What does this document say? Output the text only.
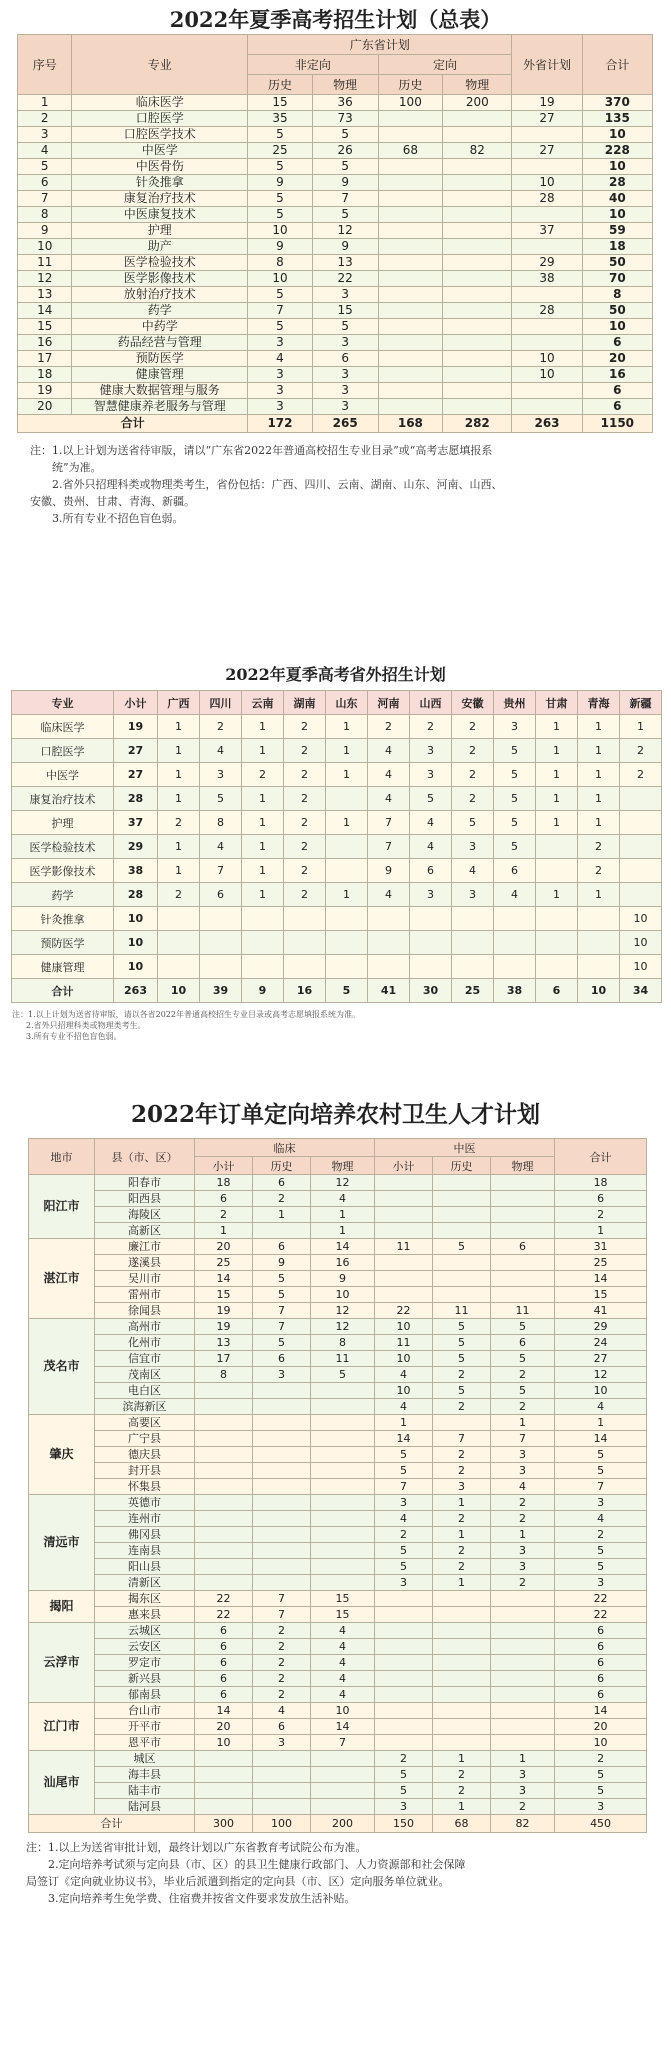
2022年夏季高考招生计划（总表）
序号	专业	广东省计划				外省计划	合计
		非定向		定向			
		历史	物理	历史	物理		
1	临床医学	15	36	100	200	19	370
2	口腔医学	35	73			27	135
3	口腔医学技术	5	5				10
4	中医学	25	26	68	82	27	228
5	中医骨伤	5	5				10
6	针灸推拿	9	9			10	28
7	康复治疗技术	5	7			28	40
8	中医康复技术	5	5				10
9	护理	10	12			37	59
10	助产	9	9				18
11	医学检验技术	8	13			29	50
12	医学影像技术	10	22			38	70
13	放射治疗技术	5	3				8
14	药学	7	15			28	50
15	中药学	5	5				10
16	药品经营与管理	3	3				6
17	预防医学	4	6			10	20
18	健康管理	3	3			10	16
19	健康大数据管理与服务	3	3				6
20	智慧健康养老服务与管理	3	3				6
合计		172	265	168	282	263	1150
注：1.以上计划为送省待审版，请以“广东省2022年普通高校招生专业目录”或“高考志愿填报系
统”为准。
2.省外只招理科类或物理类考生，省份包括：广西、四川、云南、湖南、山东、河南、山西、
安徽、贵州、甘肃、青海、新疆。
3.所有专业不招色盲色弱。
2022年夏季高考省外招生计划
专业	小计	广西	四川	云南	湖南	山东	河南	山西	安徽	贵州	甘肃	青海	新疆
临床医学	19	1	2	1	2	1	2	2	2	3	1	1	1
口腔医学	27	1	4	1	2	1	4	3	2	5	1	1	2
中医学	27	1	3	2	2	1	4	3	2	5	1	1	2
康复治疗技术	28	1	5	1	2		4	5	2	5	1	1	
护理	37	2	8	1	2	1	7	4	5	5	1	1	
医学检验技术	29	1	4	1	2		7	4	3	5		2	
医学影像技术	38	1	7	1	2		9	6	4	6		2	
药学	28	2	6	1	2	1	4	3	3	4	1	1	
针灸推拿	10												10
预防医学	10												10
健康管理	10												10
合计	263	10	39	9	16	5	41	30	25	38	6	10	34
注：1.以上计划为送省待审版，请以各省2022年普通高校招生专业目录或高考志愿填报系统为准。
2.省外只招理科类或物理类考生。
3.所有专业不招色盲色弱。
2022年订单定向培养农村卫生人才计划
地市	县（市、区）	临床			中医			合计
		小计	历史	物理	小计	历史	物理	
阳江市	阳春市	18	6	12				18
	阳西县	6	2	4				6
	海陵区	2	1	1				2
	高新区	1		1				1
湛江市	廉江市	20	6	14	11	5	6	31
	遂溪县	25	9	16				25
	吴川市	14	5	9				14
	雷州市	15	5	10				15
	徐闻县	19	7	12	22	11	11	41
茂名市	高州市	19	7	12	10	5	5	29
	化州市	13	5	8	11	5	6	24
	信宜市	17	6	11	10	5	5	27
	茂南区	8	3	5	4	2	2	12
	电白区				10	5	5	10
	滨海新区				4	2	2	4
肇庆	高要区				1		1	1
	广宁县				14	7	7	14
	德庆县				5	2	3	5
	封开县				5	2	3	5
	怀集县				7	3	4	7
清远市	英德市				3	1	2	3
	连州市				4	2	2	4
	佛冈县				2	1	1	2
	连南县				5	2	3	5
	阳山县				5	2	3	5
	清新区				3	1	2	3
揭阳	揭东区	22	7	15				22
	惠来县	22	7	15				22
云浮市	云城区	6	2	4				6
	云安区	6	2	4				6
	罗定市	6	2	4				6
	新兴县	6	2	4				6
	郁南县	6	2	4				6
江门市	台山市	14	4	10				14
	开平市	20	6	14				20
	恩平市	10	3	7				10
汕尾市	城区				2	1	1	2
	海丰县				5	2	3	5
	陆丰市				5	2	3	5
	陆河县				3	1	2	3
合计		300	100	200	150	68	82	450
注：1.以上为送省审批计划，最终计划以广东省教育考试院公布为准。
2.定向培养考试须与定向县（市、区）的县卫生健康行政部门、人力资源部和社会保障
局签订《定向就业协议书》，毕业后派遣到指定的定向县（市、区）定向服务单位就业。
3.定向培养考生免学费、住宿费并按省文件要求发放生活补贴。
